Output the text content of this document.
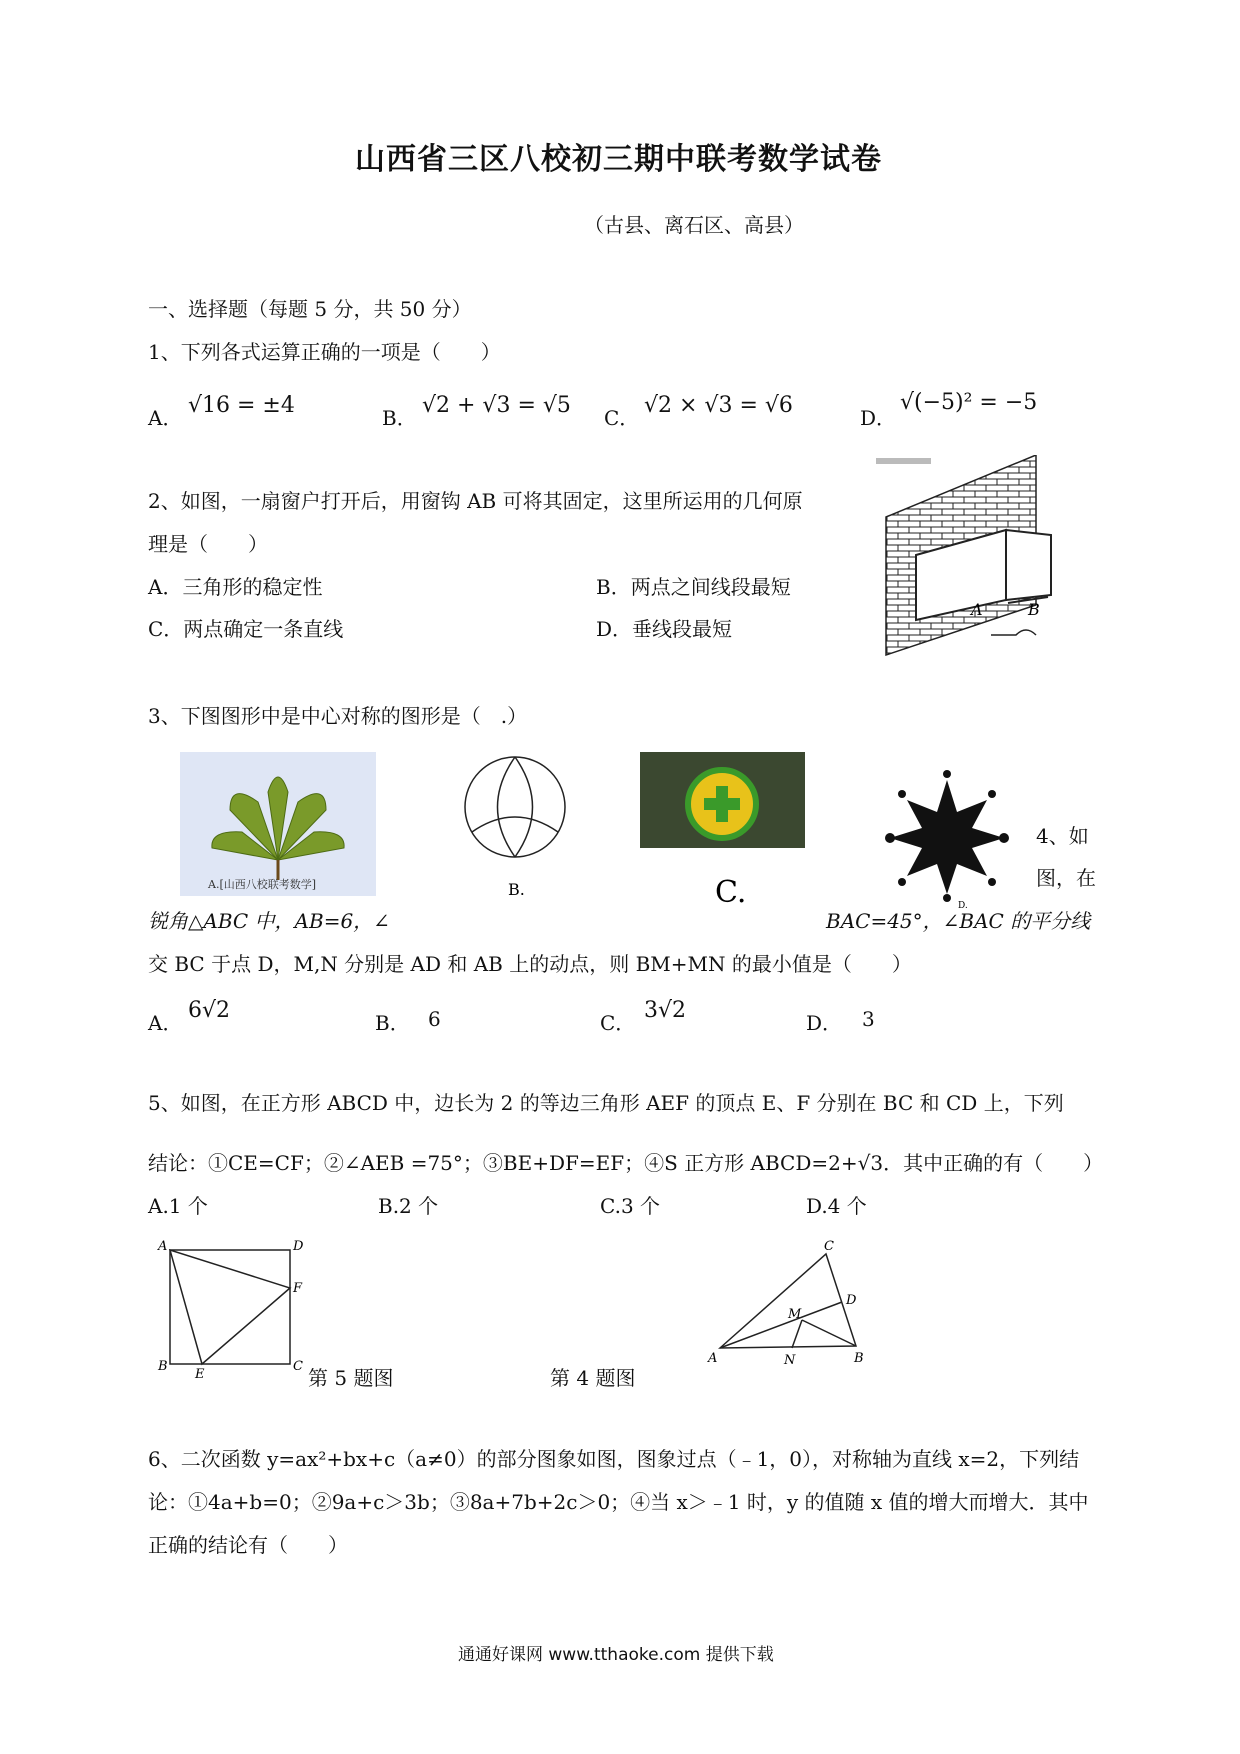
山西省三区八校初三期中联考数学试卷
（古县、离石区、高县）
一、选择题（每题 5 分，共 50 分）
1、下列各式运算正确的一项是（　　）
A． √16 = ±4	B． √2 + √3 = √5 C． √2 × √3 = √6	D．
√(−5)² = −5
2、如图，一扇窗户打开后，用窗钩 AB 可将其固定，这里所运用的几何原
理是（　　）
A．三角形的稳定性	B．两点之间线段最短
C．两点确定一条直线	D．垂线段最短
A	B
3、下图图形中是中心对称的图形是（　.）
A.[山西八校联考数学]	B.	C.	D.
4、如
图，在
锐角△ABC 中，AB=6，∠	BAC=45°，∠BAC 的平分线
交 BC 于点 D，M,N 分别是 AD 和 AB 上的动点，则 BM+MN 的最小值是（　　）
A． 6√2	B． 6	C． 3√2	D． 3
5、如图，在正方形 ABCD 中，边长为 2 的等边三角形 AEF 的顶点 E、F 分别在 BC 和 CD 上，下列
结论：①CE=CF；②∠AEB =75°；③BE+DF=EF；④S 正方形 ABCD=2+√3．其中正确的有（　　）
A.1 个	B.2 个	C.3 个	D.4 个
A	D
F
B	C
E	第 5 题图	第 4 题图
C
D
M
A	N	B
6、二次函数 y=ax²+bx+c（a≠0）的部分图象如图，图象过点（﹣1，0），对称轴为直线 x=2，下列结
论：①4a+b=0；②9a+c＞3b；③8a+7b+2c＞0；④当 x＞﹣1 时，y 的值随 x 值的增大而增大．其中
正确的结论有（　　）
通通好课网 www.tthaoke.com 提供下载
